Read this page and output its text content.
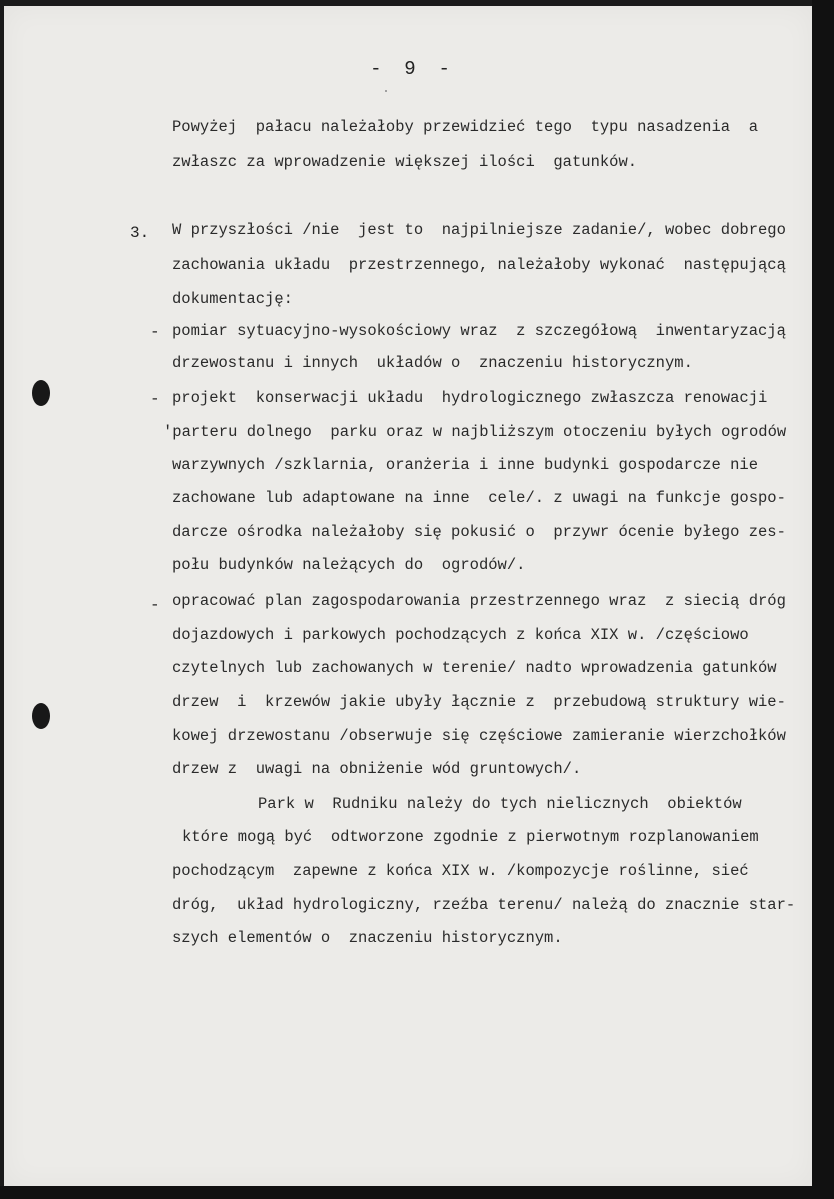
-  9  -
Powyżej  pałacu należałoby przewidzieć tego  typu nasadzenia  a
zwłaszc za wprowadzenie większej ilości  gatunków.
3. W przyszłości /nie  jest to  najpilniejsze zadanie/, wobec dobrego
zachowania układu  przestrzennego, należałoby wykonać  następującą
dokumentację:
- pomiar sytuacyjno-wysokościowy wraz  z szczegółową  inwentaryzacją
drzewostanu i innych  układów o  znaczeniu historycznym.
- projekt  konserwacji układu  hydrologicznego zwłaszcza renowacji
'parteru dolnego  parku oraz w najbliższym otoczeniu byłych ogrodów
warzywnych /szklarnia, oranżeria i inne budynki gospodarcze nie
zachowane lub adaptowane na inne  cele/. z uwagi na funkcje gospo-
darcze ośrodka należałoby się pokusić o  przywr ócenie byłego zes-
połu budynków należących do  ogrodów/.
- opracować plan zagospodarowania przestrzennego wraz  z siecią dróg
dojazdowych i parkowych pochodzących z końca XIX w. /częściowo
czytelnych lub zachowanych w terenie/ nadto wprowadzenia gatunków
drzew  i  krzewów jakie ubyły łącznie z  przebudową struktury wie-
kowej drzewostanu /obserwuje się częściowe zamieranie wierzchołków
drzew z  uwagi na obniżenie wód gruntowych/.
Park w  Rudniku należy do tych nielicznych  obiektów
które mogą być  odtworzone zgodnie z pierwotnym rozplanowaniem
pochodzącym  zapewne z końca XIX w. /kompozycje roślinne, sieć
dróg,  układ hydrologiczny, rzeźba terenu/ należą do znacznie star-
szych elementów o  znaczeniu historycznym.
